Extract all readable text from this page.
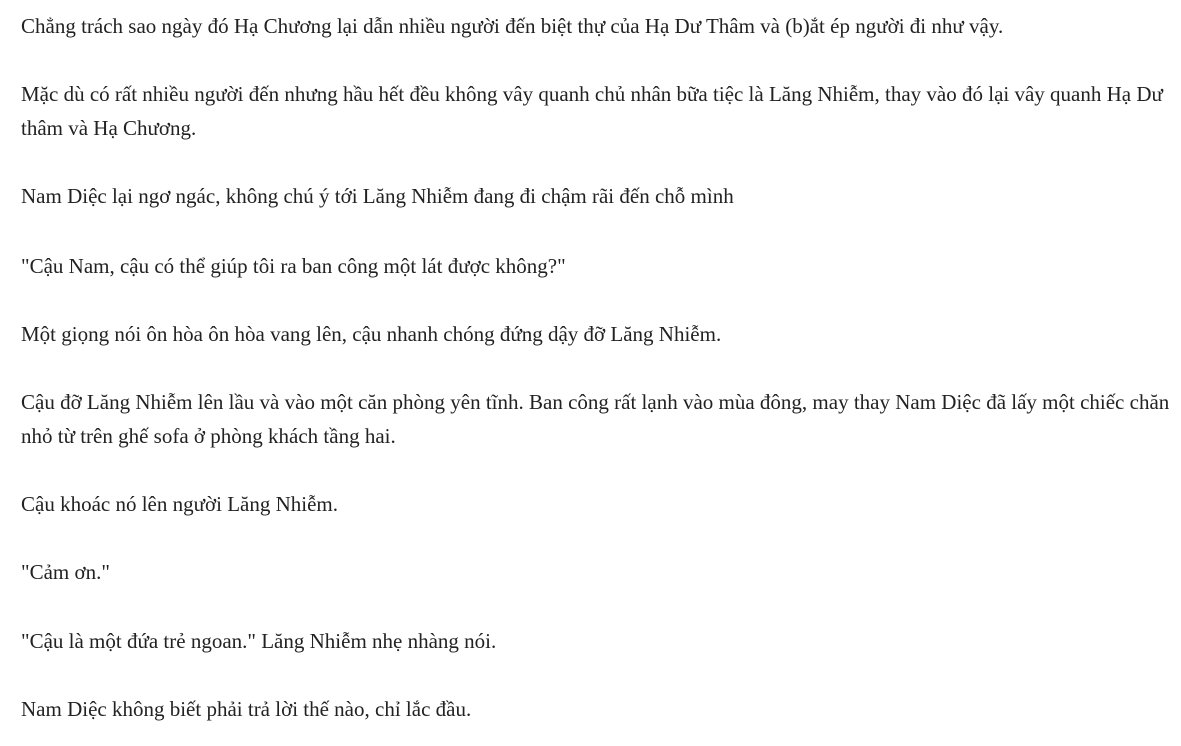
Chẳng trách sao ngày đó Hạ Chương lại dẫn nhiều người đến biệt thự của Hạ Dư Thâm và (b)ắt ép người đi như vậy.

Mặc dù có rất nhiều người đến nhưng hầu hết đều không vây quanh chủ nhân bữa tiệc là Lăng Nhiễm, thay vào đó lại vây quanh Hạ Dư thâm và Hạ Chương.

Nam Diệc lại ngơ ngác, không chú ý tới Lăng Nhiễm đang đi chậm rãi đến chỗ mình

"Cậu Nam, cậu có thể giúp tôi ra ban công một lát được không?"

Một giọng nói ôn hòa ôn hòa vang lên, cậu nhanh chóng đứng dậy đỡ Lăng Nhiễm.

Cậu đỡ Lăng Nhiễm lên lầu và vào một căn phòng yên tĩnh. Ban công rất lạnh vào mùa đông, may thay Nam Diệc đã lấy một chiếc chăn nhỏ từ trên ghế sofa ở phòng khách tầng hai.

Cậu khoác nó lên người Lăng Nhiễm.

"Cảm ơn."

"Cậu là một đứa trẻ ngoan." Lăng Nhiễm nhẹ nhàng nói.

Nam Diệc không biết phải trả lời thế nào, chỉ lắc đầu.
